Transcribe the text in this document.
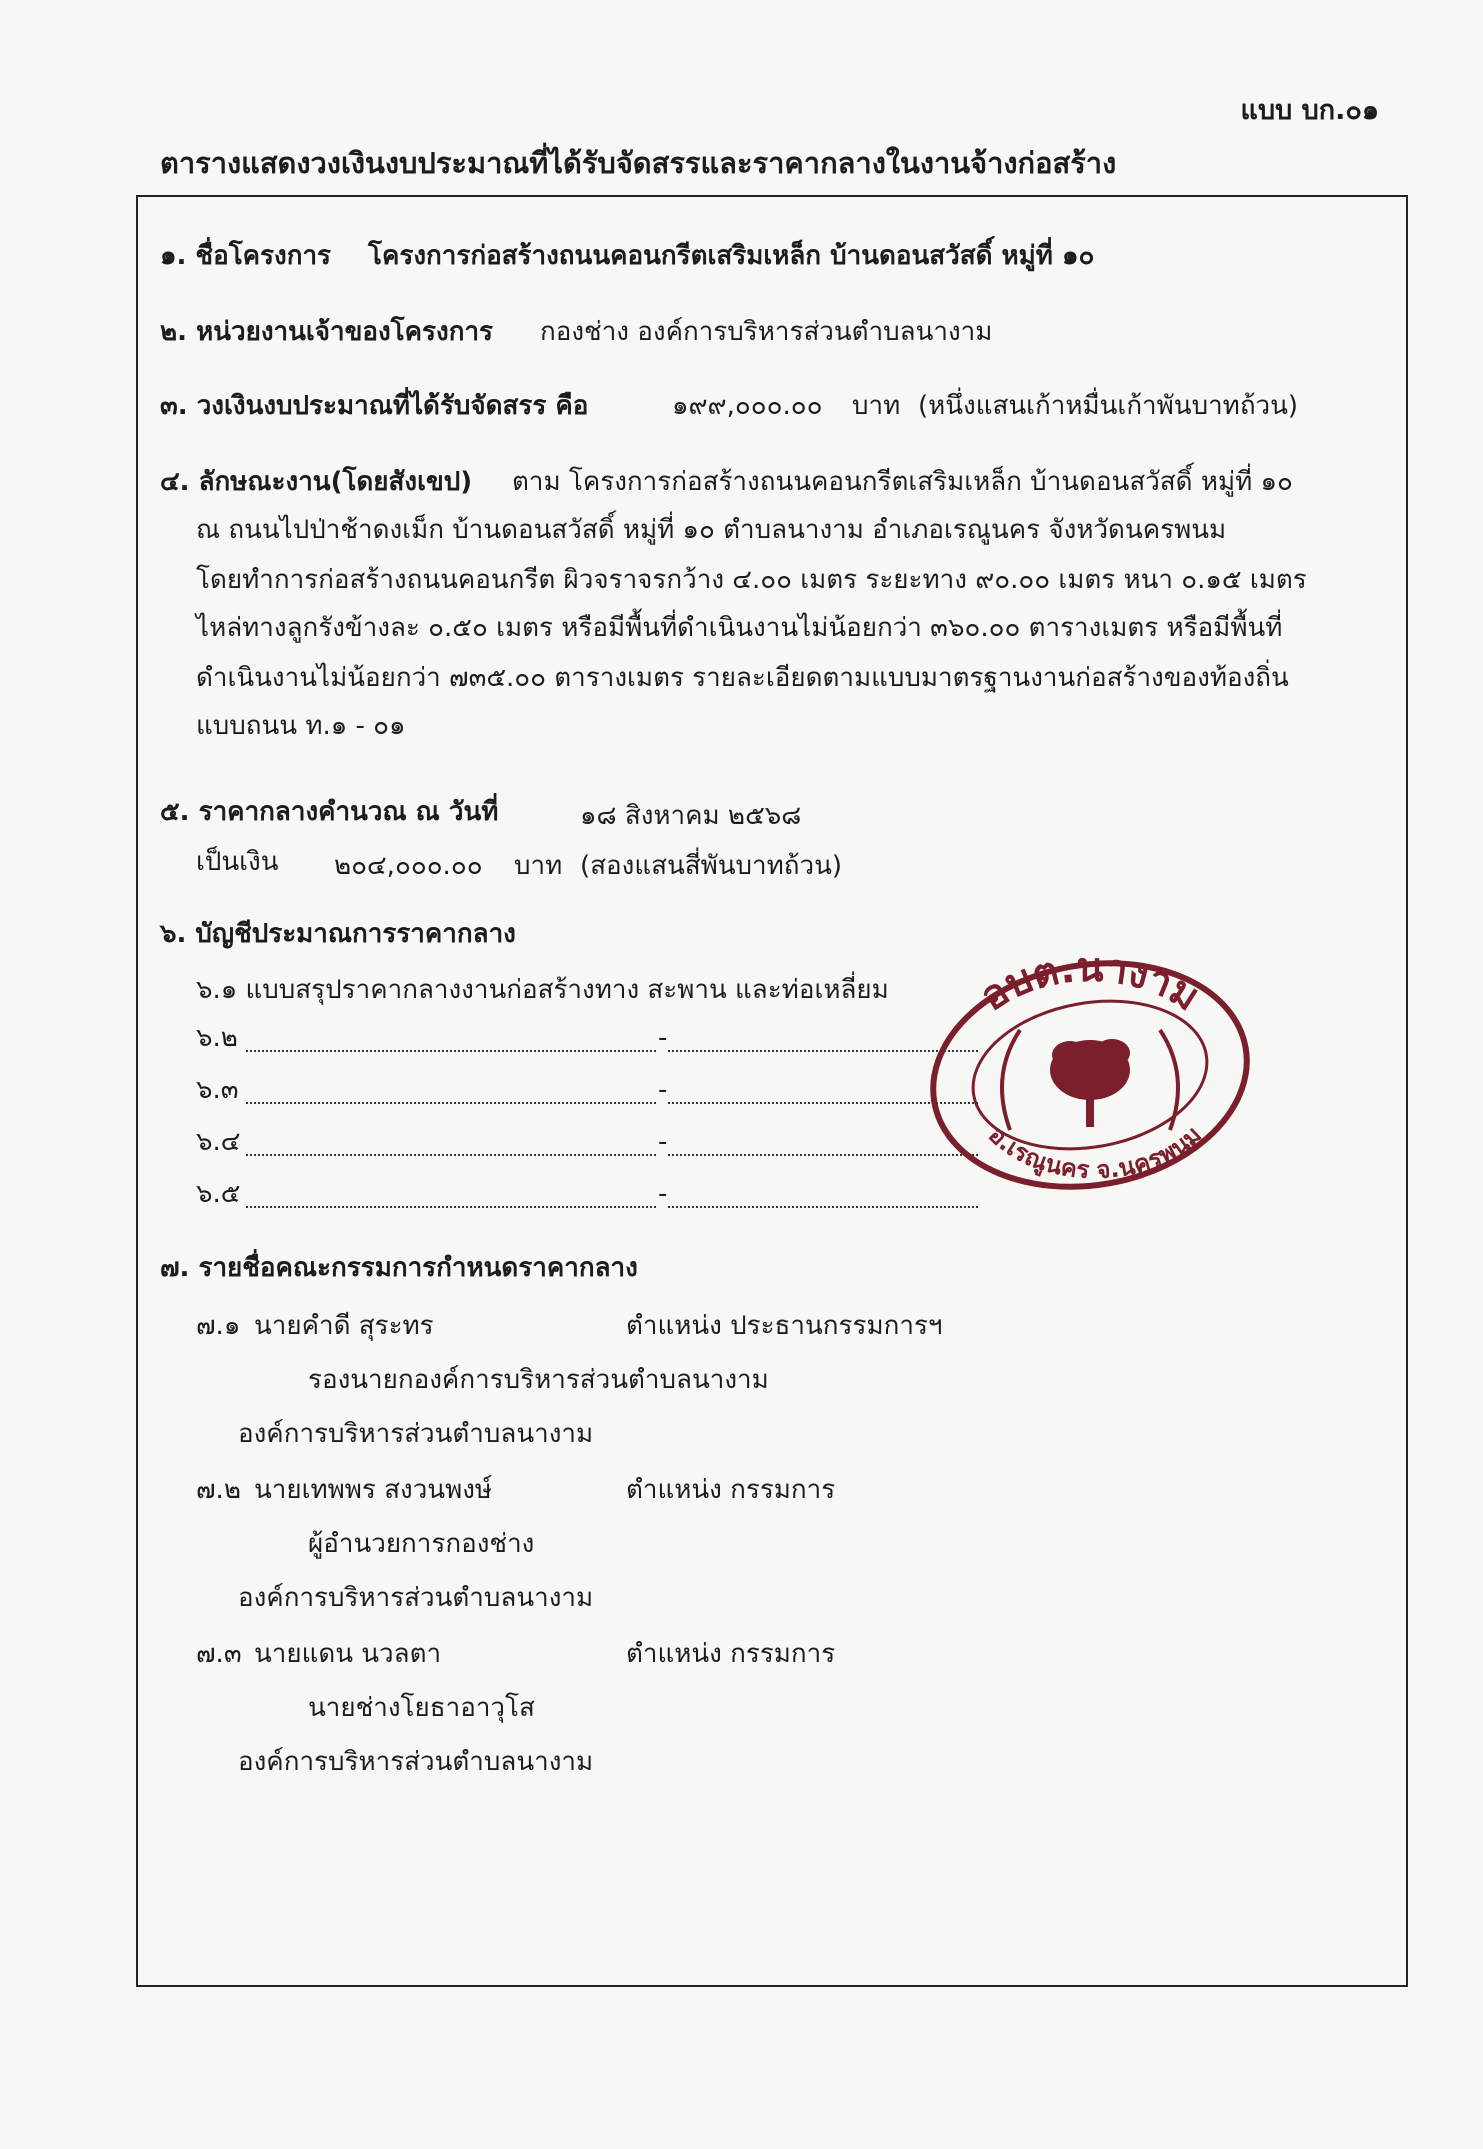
แบบ บก.๐๑
ตารางแสดงวงเงินงบประมาณที่ได้รับจัดสรรและราคากลางในงานจ้างก่อสร้าง
๑. ชื่อโครงการ โครงการก่อสร้างถนนคอนกรีตเสริมเหล็ก บ้านดอนสวัสดิ์ หมู่ที่ ๑๐
๒. หน่วยงานเจ้าของโครงการ กองช่าง องค์การบริหารส่วนตำบลนางาม
๓. วงเงินงบประมาณที่ได้รับจัดสรร คือ	๑๙๙,๐๐๐.๐๐ บาท (หนึ่งแสนเก้าหมื่นเก้าพันบาทถ้วน)
๔. ลักษณะงาน(โดยสังเขป) ตาม โครงการก่อสร้างถนนคอนกรีตเสริมเหล็ก บ้านดอนสวัสดิ์ หมู่ที่ ๑๐
ณ ถนนไปป่าช้าดงเม็ก บ้านดอนสวัสดิ์ หมู่ที่ ๑๐ ตำบลนางาม อำเภอเรณูนคร จังหวัดนครพนม
โดยทำการก่อสร้างถนนคอนกรีต ผิวจราจรกว้าง ๔.๐๐ เมตร ระยะทาง ๙๐.๐๐ เมตร หนา ๐.๑๕ เมตร
ไหล่ทางลูกรังข้างละ ๐.๕๐ เมตร หรือมีพื้นที่ดำเนินงานไม่น้อยกว่า ๓๖๐.๐๐ ตารางเมตร หรือมีพื้นที่
ดำเนินงานไม่น้อยกว่า ๗๓๕.๐๐ ตารางเมตร รายละเอียดตามแบบมาตรฐานงานก่อสร้างของท้องถิ่น
แบบถนน ท.๑ - ๐๑
๕. ราคากลางคำนวณ ณ วันที่	๑๘ สิงหาคม ๒๕๖๘
เป็นเงิน ๒๐๔,๐๐๐.๐๐ บาท (สองแสนสี่พันบาทถ้วน)
๖. บัญชีประมาณการราคากลาง
๖.๑ แบบสรุปราคากลางงานก่อสร้างทาง สะพาน และท่อเหลี่ยม
๖.๒	-
๖.๓	-
๖.๔	-
๖.๕	-
อบต.นางาม
อ.เรณูนคร จ.นครพนม
๗. รายชื่อคณะกรรมการกำหนดราคากลาง
๗.๑ นายคำดี สุระทร	ตำแหน่ง ประธานกรรมการฯ
รองนายกองค์การบริหารส่วนตำบลนางาม
องค์การบริหารส่วนตำบลนางาม
๗.๒ นายเทพพร สงวนพงษ์	ตำแหน่ง กรรมการ
ผู้อำนวยการกองช่าง
องค์การบริหารส่วนตำบลนางาม
๗.๓ นายแดน นวลตา	ตำแหน่ง กรรมการ
นายช่างโยธาอาวุโส
องค์การบริหารส่วนตำบลนางาม
